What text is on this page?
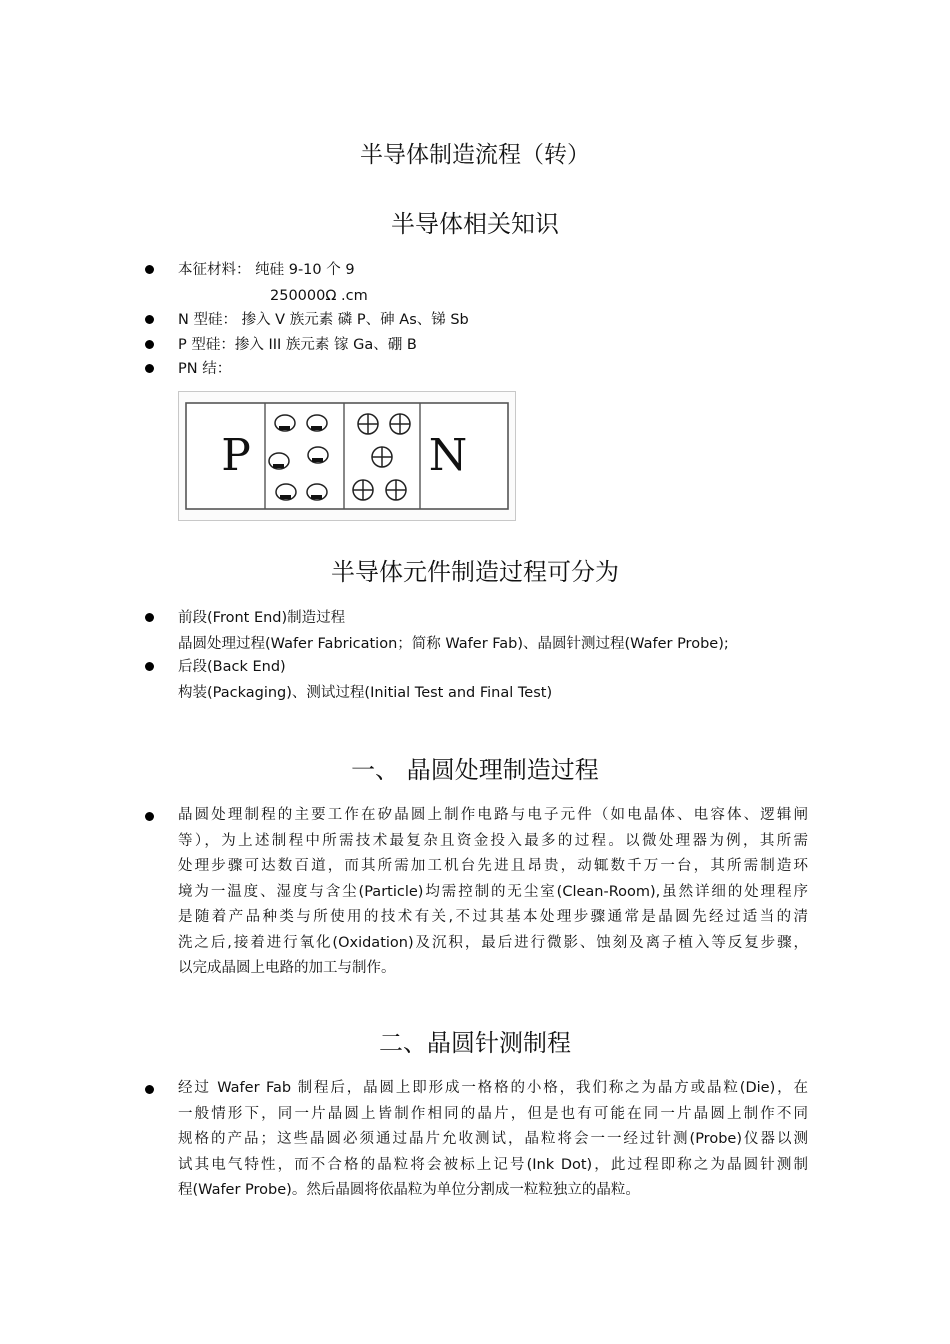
半导体制造流程（转）
半导体相关知识
本征材料： 纯硅 9-10 个 9
250000Ω .cm
N 型硅： 掺入 V 族元素 磷 P、砷 As、锑 Sb
P 型硅：掺入 III 族元素 镓 Ga、硼 B
PN 结：
P	N
半导体元件制造过程可分为
前段(Front End)制造过程
晶圆处理过程(Wafer Fabrication；简称 Wafer Fab)、晶圆针测过程(Wafer Probe);
后段(Back End)
构装(Packaging)、测试过程(Initial Test and Final Test)
一、 晶圆处理制造过程
晶圆处理制程的主要工作在矽晶圆上制作电路与电子元件（如电晶体、电容体、逻辑闸
等），为上述制程中所需技术最复杂且资金投入最多的过程。以微处理器为例，其所需
处理步骤可达数百道，而其所需加工机台先进且昂贵，动辄数千万一台，其所需制造环
境为一温度、湿度与含尘(Particle)均需控制的无尘室(Clean-Room),虽然详细的处理程序
是随着产品种类与所使用的技术有关,不过其基本处理步骤通常是晶圆先经过适当的清
洗之后,接着进行氧化(Oxidation)及沉积，最后进行微影、蚀刻及离子植入等反复步骤，
以完成晶圆上电路的加工与制作。
二、晶圆针测制程
经过 Wafer Fab 制程后，晶圆上即形成一格格的小格，我们称之为晶方或晶粒(Die)，在
一般情形下，同一片晶圆上皆制作相同的晶片，但是也有可能在同一片晶圆上制作不同
规格的产品；这些晶圆必须通过晶片允收测试，晶粒将会一一经过针测(Probe)仪器以测
试其电气特性，而不合格的晶粒将会被标上记号(Ink Dot)，此过程即称之为晶圆针测制
程(Wafer Probe)。然后晶圆将依晶粒为单位分割成一粒粒独立的晶粒。
